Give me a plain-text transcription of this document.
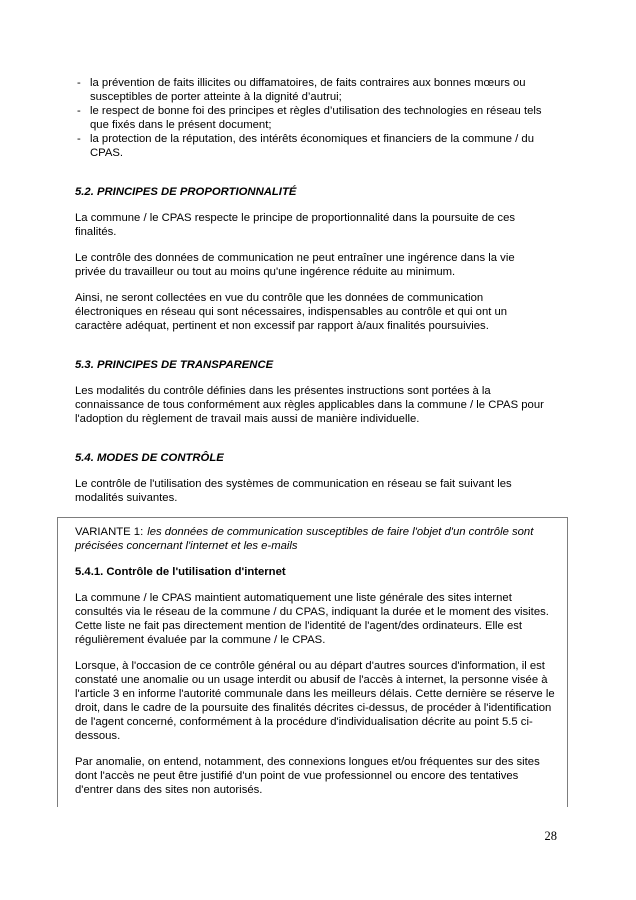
- la prévention de faits illicites ou diffamatoires, de faits contraires aux bonnes mœurs ou susceptibles de porter atteinte à la dignité d’autrui;
- le respect de bonne foi des principes et règles d’utilisation des technologies en réseau tels que fixés dans le présent document;
- la protection de la réputation, des intérêts économiques et financiers de la commune / du CPAS.
5.2. PRINCIPES DE PROPORTIONNALITÉ

La commune / le CPAS respecte le principe de proportionnalité dans la poursuite de ces finalités.

Le contrôle des données de communication ne peut entraîner une ingérence dans la vie privée du travailleur ou tout au moins qu'une ingérence réduite au minimum.

Ainsi, ne seront collectées en vue du contrôle que les données de communication électroniques en réseau qui sont nécessaires, indispensables au contrôle et qui ont un caractère adéquat, pertinent et non excessif par rapport à/aux finalités poursuivies.

5.3. PRINCIPES DE TRANSPARENCE

Les modalités du contrôle définies dans les présentes instructions sont portées à la connaissance de tous conformément aux règles applicables dans la commune / le CPAS pour l'adoption du règlement de travail mais aussi de manière individuelle.

5.4. MODES DE CONTRÔLE

Le contrôle de l'utilisation des systèmes de communication en réseau se fait suivant les modalités suivantes.

VARIANTE 1: les données de communication susceptibles de faire l'objet d'un contrôle sont précisées concernant l'internet et les e-mails

5.4.1. Contrôle de l'utilisation d'internet

La commune / le CPAS maintient automatiquement une liste générale des sites internet consultés via le réseau de la commune / du CPAS, indiquant la durée et le moment des visites. Cette liste ne fait pas directement mention de l'identité de l'agent/des ordinateurs. Elle est régulièrement évaluée par la commune / le CPAS.

Lorsque, à l'occasion de ce contrôle général ou au départ d'autres sources d'information, il est constaté une anomalie ou un usage interdit ou abusif de l'accès à internet, la personne visée à l'article 3 en informe l'autorité communale dans les meilleurs délais. Cette dernière se réserve le droit, dans le cadre de la poursuite des finalités décrites ci-dessus, de procéder à l'identification de l'agent concerné, conformément à la procédure d'individualisation décrite au point 5.5 ci-dessous.

Par anomalie, on entend, notamment, des connexions longues et/ou fréquentes sur des sites dont l'accès ne peut être justifié d'un point de vue professionnel ou encore des tentatives d'entrer dans des sites non autorisés.

28
